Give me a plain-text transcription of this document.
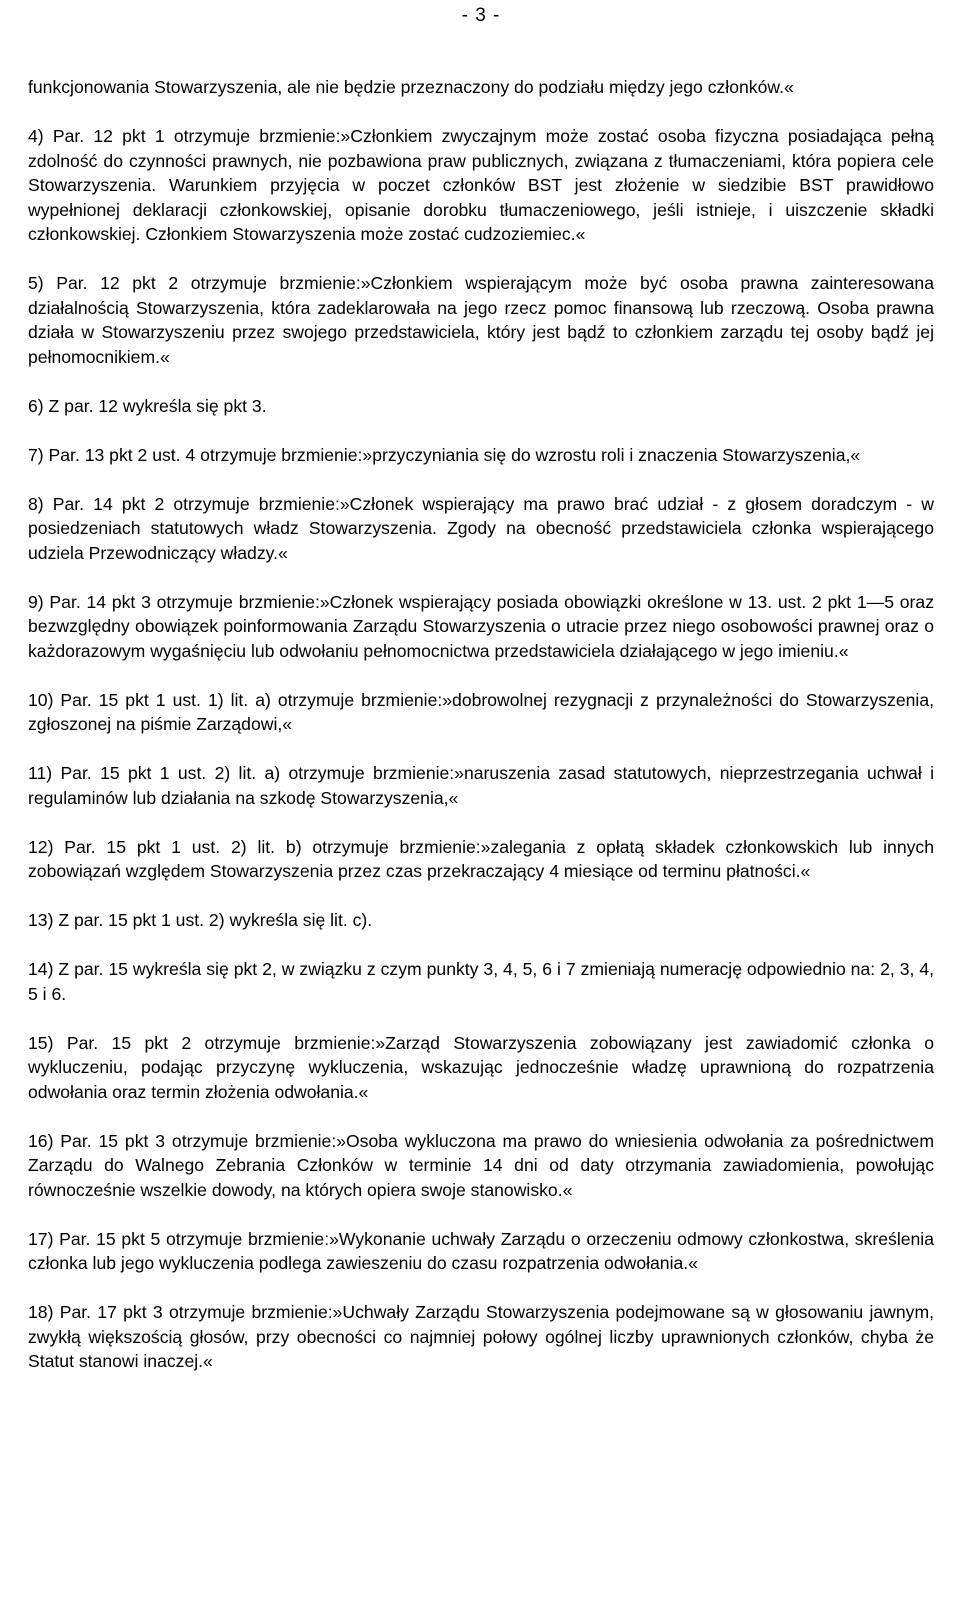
- 3 -

funkcjonowania Stowarzyszenia, ale nie będzie przeznaczony do podziału między jego członków.«

4) Par. 12 pkt 1 otrzymuje brzmienie:»Członkiem zwyczajnym może zostać osoba fizyczna posiadająca pełną zdolność do czynności prawnych, nie pozbawiona praw publicznych, związana z tłumaczeniami, która popiera cele Stowarzyszenia. Warunkiem przyjęcia w poczet członków BST jest złożenie w siedzibie BST prawidłowo wypełnionej deklaracji członkowskiej, opisanie dorobku tłumaczeniowego, jeśli istnieje, i uiszczenie składki członkowskiej. Członkiem Stowarzyszenia może zostać cudzoziemiec.«

5) Par. 12 pkt 2 otrzymuje brzmienie:»Członkiem wspierającym może być osoba prawna zainteresowana działalnością Stowarzyszenia, która zadeklarowała na jego rzecz pomoc finansową lub rzeczową. Osoba prawna działa w Stowarzyszeniu przez swojego przedstawiciela, który jest bądź to członkiem zarządu tej osoby bądź jej pełnomocnikiem.«

6) Z par. 12 wykreśla się pkt 3.

7) Par. 13 pkt 2 ust. 4 otrzymuje brzmienie:»przyczyniania się do wzrostu roli i znaczenia Stowarzyszenia,«

8) Par. 14 pkt 2 otrzymuje brzmienie:»Członek wspierający ma prawo brać udział - z głosem doradczym - w posiedzeniach statutowych władz Stowarzyszenia. Zgody na obecność przedstawiciela członka wspierającego udziela Przewodniczący władzy.«

9) Par. 14 pkt 3 otrzymuje brzmienie:»Członek wspierający posiada obowiązki określone w 13. ust. 2 pkt 1—5 oraz bezwzględny obowiązek poinformowania Zarządu Stowarzyszenia o utracie przez niego osobowości prawnej oraz o każdorazowym wygaśnięciu lub odwołaniu pełnomocnictwa przedstawiciela działającego w jego imieniu.«

10) Par. 15 pkt 1 ust. 1) lit. a) otrzymuje brzmienie:»dobrowolnej rezygnacji z przynależności do Stowarzyszenia, zgłoszonej na piśmie Zarządowi,«

11) Par. 15 pkt 1 ust. 2) lit. a) otrzymuje brzmienie:»naruszenia zasad statutowych, nieprzestrzegania uchwał i regulaminów lub działania na szkodę Stowarzyszenia,«

12) Par. 15 pkt 1 ust. 2) lit. b) otrzymuje brzmienie:»zalegania z opłatą składek członkowskich lub innych zobowiązań względem Stowarzyszenia przez czas przekraczający 4 miesiące od terminu płatności.«

13) Z par. 15 pkt 1 ust. 2) wykreśla się lit. c).

14) Z par. 15 wykreśla się pkt 2, w związku z czym punkty 3, 4, 5, 6 i 7 zmieniają numerację odpowiednio na: 2, 3, 4, 5 i 6.

15) Par. 15 pkt 2 otrzymuje brzmienie:»Zarząd Stowarzyszenia zobowiązany jest zawiadomić członka o wykluczeniu, podając przyczynę wykluczenia, wskazując jednocześnie władzę uprawnioną do rozpatrzenia odwołania oraz termin złożenia odwołania.«

16) Par. 15 pkt 3 otrzymuje brzmienie:»Osoba wykluczona ma prawo do wniesienia odwołania za pośrednictwem Zarządu do Walnego Zebrania Członków w terminie 14 dni od daty otrzymania zawiadomienia, powołując równocześnie wszelkie dowody, na których opiera swoje stanowisko.«

17) Par. 15 pkt 5 otrzymuje brzmienie:»Wykonanie uchwały Zarządu o orzeczeniu odmowy członkostwa, skreślenia członka lub jego wykluczenia podlega zawieszeniu do czasu rozpatrzenia odwołania.«

18) Par. 17 pkt 3 otrzymuje brzmienie:»Uchwały Zarządu Stowarzyszenia podejmowane są w głosowaniu jawnym, zwykłą większością głosów, przy obecności co najmniej połowy ogólnej liczby uprawnionych członków, chyba że Statut stanowi inaczej.«
